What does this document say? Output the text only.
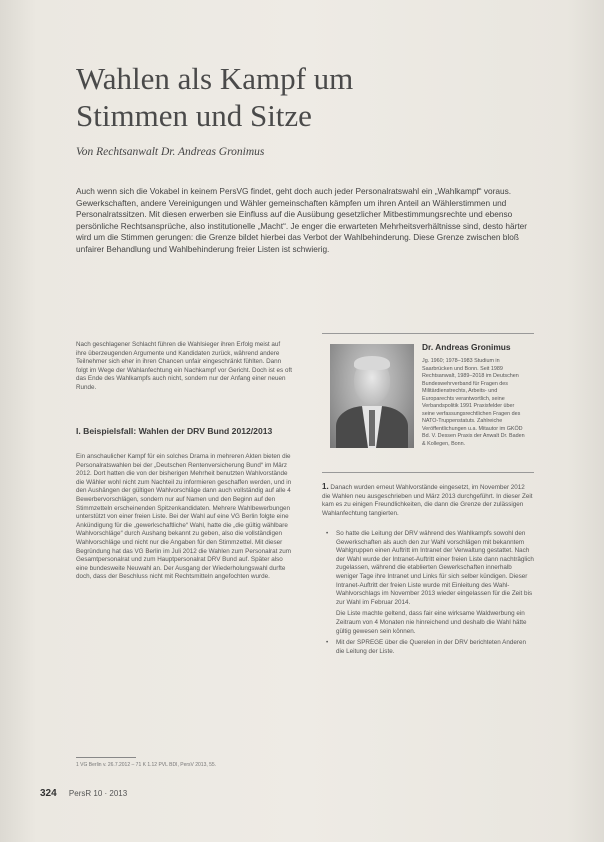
Wahlen als Kampf um
Stimmen und Sitze
Von Rechtsanwalt Dr. Andreas Gronimus

Auch wenn sich die Vokabel in keinem PersVG findet, geht doch auch jeder Personalratswahl ein „Wahlkampf“ voraus. Gewerkschaften, andere Vereinigungen und Wähler gemeinschaften kämpfen um ihren Anteil an Wählerstimmen und Personalratssitzen. Mit diesen erwerben sie Einfluss auf die Ausübung gesetzlicher Mitbestimmungsrechte und ebenso persönliche Rechtsansprüche, also institutionelle „Macht“. Je enger die erwarteten Mehrheitsverhältnisse sind, desto härter wird um die Stimmen gerungen: die Grenze bildet hierbei das Verbot der Wahlbehinderung. Diese Grenze zwischen bloß unfairer Behandlung und Wahlbehinderung freier Listen ist schwierig.

Nach geschlagener Schlacht führen die Wahlsieger ihren Erfolg meist auf ihre überzeugenden Argumente und Kandidaten zurück, während andere Teilnehmer sich eher in ihren Chancen unfair eingeschränkt fühlten. Dann folgt im Wege der Wahlanfechtung ein Nachkampf vor Gericht. Doch ist es oft das Ende des Wahlkampfs auch nicht, sondern nur der Anfang einer neuen Runde.

I. Beispielsfall: Wahlen der DRV Bund 2012/2013

Ein anschaulicher Kampf für ein solches Drama in mehreren Akten bieten die Personalratswahlen bei der „Deutschen Rentenversicherung Bund“ im März 2012. Dort hatten die von der bisherigen Mehrheit benutzten Wahlvorstände die Wähler wohl nicht zum Nachteil zu informieren geschaffen werden, und in den Aushängen der gültigen Wahlvorschläge dann auch vollständig auf alle 4 Bewerbervorschlägen, sondern nur auf Namen und den Beginn auf den Stimmzetteln erscheinenden Spitzenkandidaten. Mehrere Wahlbewerbungen unterstützt von einer freien Liste. Bei der Wahl auf eine VG Berlin folgte eine Ankündigung für die „gewerkschaftliche“ Wahl, hatte die „die gültig wählbare Wahlvorschläge“ durch Aushang bekannt zu geben, also die vollständigen Wahlvorschläge und nicht nur die Angaben für den Stimmzettel. Mit dieser Begründung hat das VG Berlin im Juli 2012 die Wahlen zum Personalrat zum Gesamtpersonalrat und zum Hauptpersonalrat DRV Bund auf. Später also eine bundesweite Neuwahl an. Der Ausgang der Wiederholungswahl durfte doch, dass der Beschluss nicht mit Rechtsmitteln angefochten wurde.

1 VG Berlin v. 26.7.2012 – 71 K 1.12 PVL BDI, PersV 2013, 55.

Dr. Andreas Gronimus

Jg. 1960; 1978–1983 Studium in Saarbrücken und Bonn. Seit 1989 Rechtsanwalt, 1989–2018 im Deutschen Bundeswehrverband für Fragen des Militärdienstrechts, Arbeits- und Europarechts verantwortlich, seine Verbandspolitik 1991 Praxisfelder über seine verfassungsrechtlichen Fragen des NATO-Truppenstatuts. Zahlreiche Veröffentlichungen u.a. Mitautor im GKÖD Bd. V. Dessen Praxis der Anwalt Dr. Baden & Kollegen, Bonn.

1. Danach wurden erneut Wahlvorstände eingesetzt, im November 2012 die Wahlen neu ausgeschrieben und März 2013 durchgeführt. In dieser Zeit kam es zu einigen Freundlichkeiten, die dann die Grenze der zulässigen Wahlanfechtung tangierten.

• So hatte die Leitung der DRV während des Wahlkampfs sowohl den Gewerkschaften als auch den zur Wahl vorschlägen mit bekanntem Wahlgruppen einen Auftritt im Intranet der Verwaltung gestattet. Nach der Wahl wurde der Intranet-Auftritt einer freien Liste dann nachträglich zugelassen, während die etablierten Gewerkschaften innerhalb weniger Tage ihre Intranet und Links für sich selber kündigen. Dieser Intranet-Auftritt der freien Liste wurde mit Einleitung des Wahl-Wahlvorschlags im November 2013 wieder eingelassen für die Zeit bis zur Wahl im Februar 2014.
Die Liste machte geltend, dass fair eine wirksame Waldwerbung ein Zeitraum von 4 Monaten nie hinreichend und deshalb die Wahl hätte gültig gewesen sein können.
• Mit der SPREGE über die Querelen in der DRV berichteten Anderen die Leitung der Liste.
324 PersR 10 · 2013
